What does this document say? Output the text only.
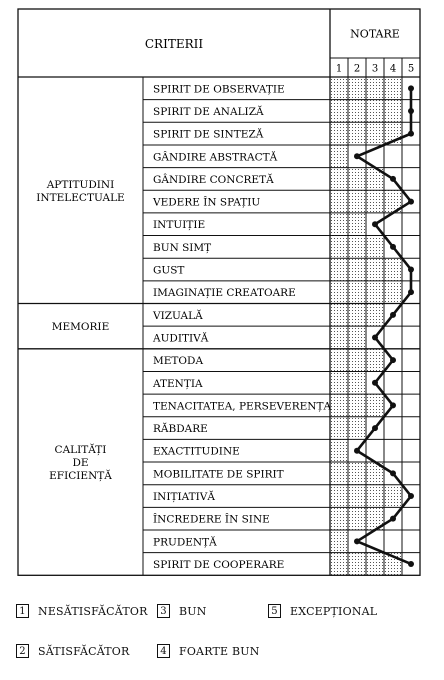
CRITERII
NOTARE
1 2 3 4 5
APTITUDINI
INTELECTUALE
MEMORIE
CALITĂȚI
DE
EFICIENȚĂ
SPIRIT DE OBSERVAȚIE
SPIRIT DE ANALIZĂ
SPIRIT DE SINTEZĂ
GÂNDIRE ABSTRACTĂ
GÂNDIRE CONCRETĂ
VEDERE ÎN SPAȚIU
INTUIȚIE
BUN SIMȚ
GUST
IMAGINAȚIE CREATOARE
VIZUALĂ
AUDITIVĂ
METODA
ATENȚIA
TENACITATEA, PERSEVERENȚA
RĂBDARE
EXACTITUDINE
MOBILITATE DE SPIRIT
INIȚIATIVĂ
ÎNCREDERE ÎN SINE
PRUDENȚĂ
SPIRIT DE COOPERARE
1 NESĂTISFĂCĂTOR
2 SĂTISFĂCĂTOR
3 BUN
4 FOARTE BUN
5 EXCEPȚIONAL
